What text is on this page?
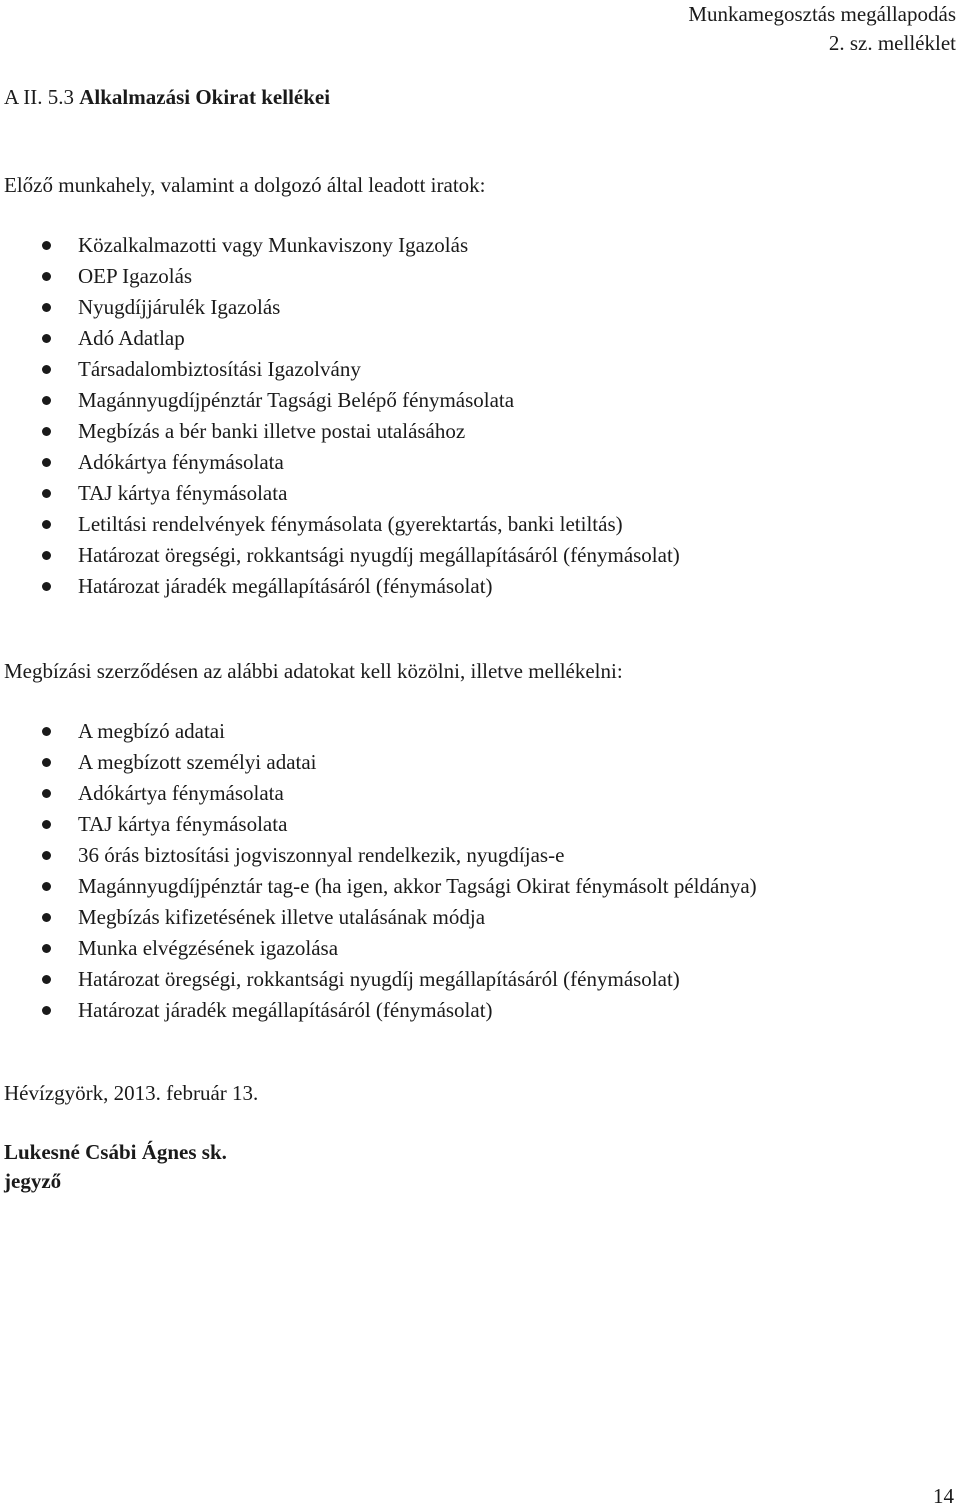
Munkamegosztás megállapodás
2. sz. melléklet
A II. 5.3 Alkalmazási Okirat kellékei
Előző munkahely, valamint a dolgozó által leadott iratok:
Közalkalmazotti vagy Munkaviszony Igazolás
OEP Igazolás
Nyugdíjjárulék Igazolás
Adó Adatlap
Társadalombiztosítási Igazolvány
Magánnyugdíjpénztár Tagsági Belépő fénymásolata
Megbízás a bér banki illetve postai utalásához
Adókártya fénymásolata
TAJ kártya fénymásolata
Letiltási rendelvények fénymásolata (gyerektartás, banki letiltás)
Határozat öregségi, rokkantsági nyugdíj megállapításáról (fénymásolat)
Határozat járadék megállapításáról (fénymásolat)
Megbízási szerződésen az alábbi adatokat kell közölni, illetve mellékelni:
A megbízó adatai
A megbízott személyi adatai
Adókártya fénymásolata
TAJ kártya fénymásolata
36 órás biztosítási jogviszonnyal rendelkezik, nyugdíjas-e
Magánnyugdíjpénztár tag-e (ha igen, akkor Tagsági Okirat fénymásolt példánya)
Megbízás kifizetésének illetve utalásának módja
Munka elvégzésének igazolása
Határozat öregségi, rokkantsági nyugdíj megállapításáról (fénymásolat)
Határozat járadék megállapításáról (fénymásolat)
Hévízgyörk, 2013. február 13.
Lukesné Csábi Ágnes sk.
jegyző
14
